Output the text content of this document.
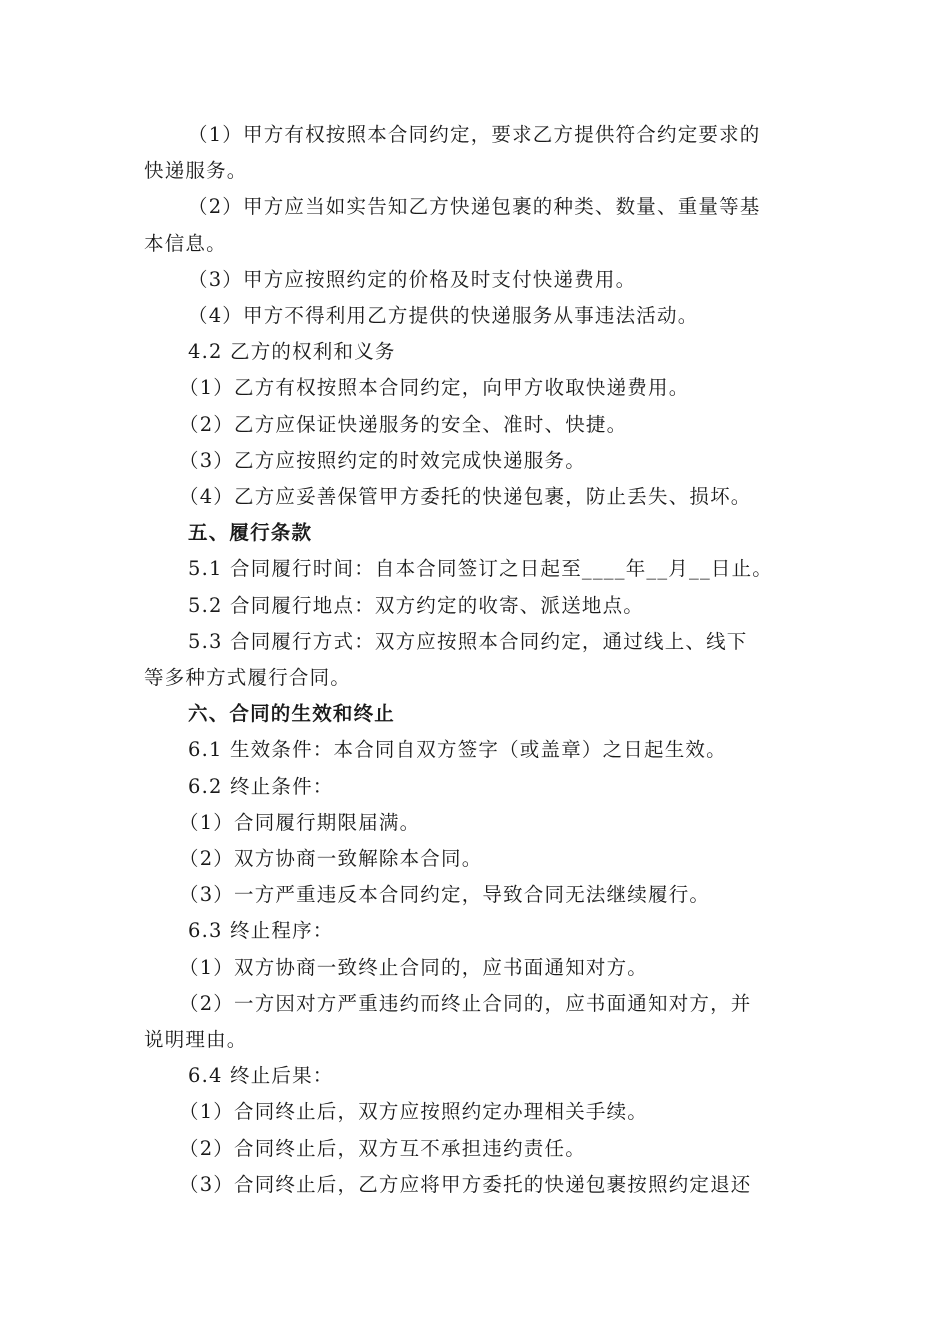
（1）甲方有权按照本合同约定，要求乙方提供符合约定要求的

快递服务。

（2）甲方应当如实告知乙方快递包裹的种类、数量、重量等基

本信息。

（3）甲方应按照约定的价格及时支付快递费用。

（4）甲方不得利用乙方提供的快递服务从事违法活动。

4.2 乙方的权利和义务

（1）乙方有权按照本合同约定，向甲方收取快递费用。

（2）乙方应保证快递服务的安全、准时、快捷。

（3）乙方应按照约定的时效完成快递服务。

（4）乙方应妥善保管甲方委托的快递包裹，防止丢失、损坏。

五、履行条款

5.1 合同履行时间：自本合同签订之日起至____年__月__日止。

5.2 合同履行地点：双方约定的收寄、派送地点。

5.3 合同履行方式：双方应按照本合同约定，通过线上、线下

等多种方式履行合同。

六、合同的生效和终止

6.1 生效条件：本合同自双方签字（或盖章）之日起生效。

6.2 终止条件：

（1）合同履行期限届满。

（2）双方协商一致解除本合同。

（3）一方严重违反本合同约定，导致合同无法继续履行。

6.3 终止程序：

（1）双方协商一致终止合同的，应书面通知对方。

（2）一方因对方严重违约而终止合同的，应书面通知对方，并

说明理由。

6.4 终止后果：

（1）合同终止后，双方应按照约定办理相关手续。

（2）合同终止后，双方互不承担违约责任。

（3）合同终止后，乙方应将甲方委托的快递包裹按照约定退还
